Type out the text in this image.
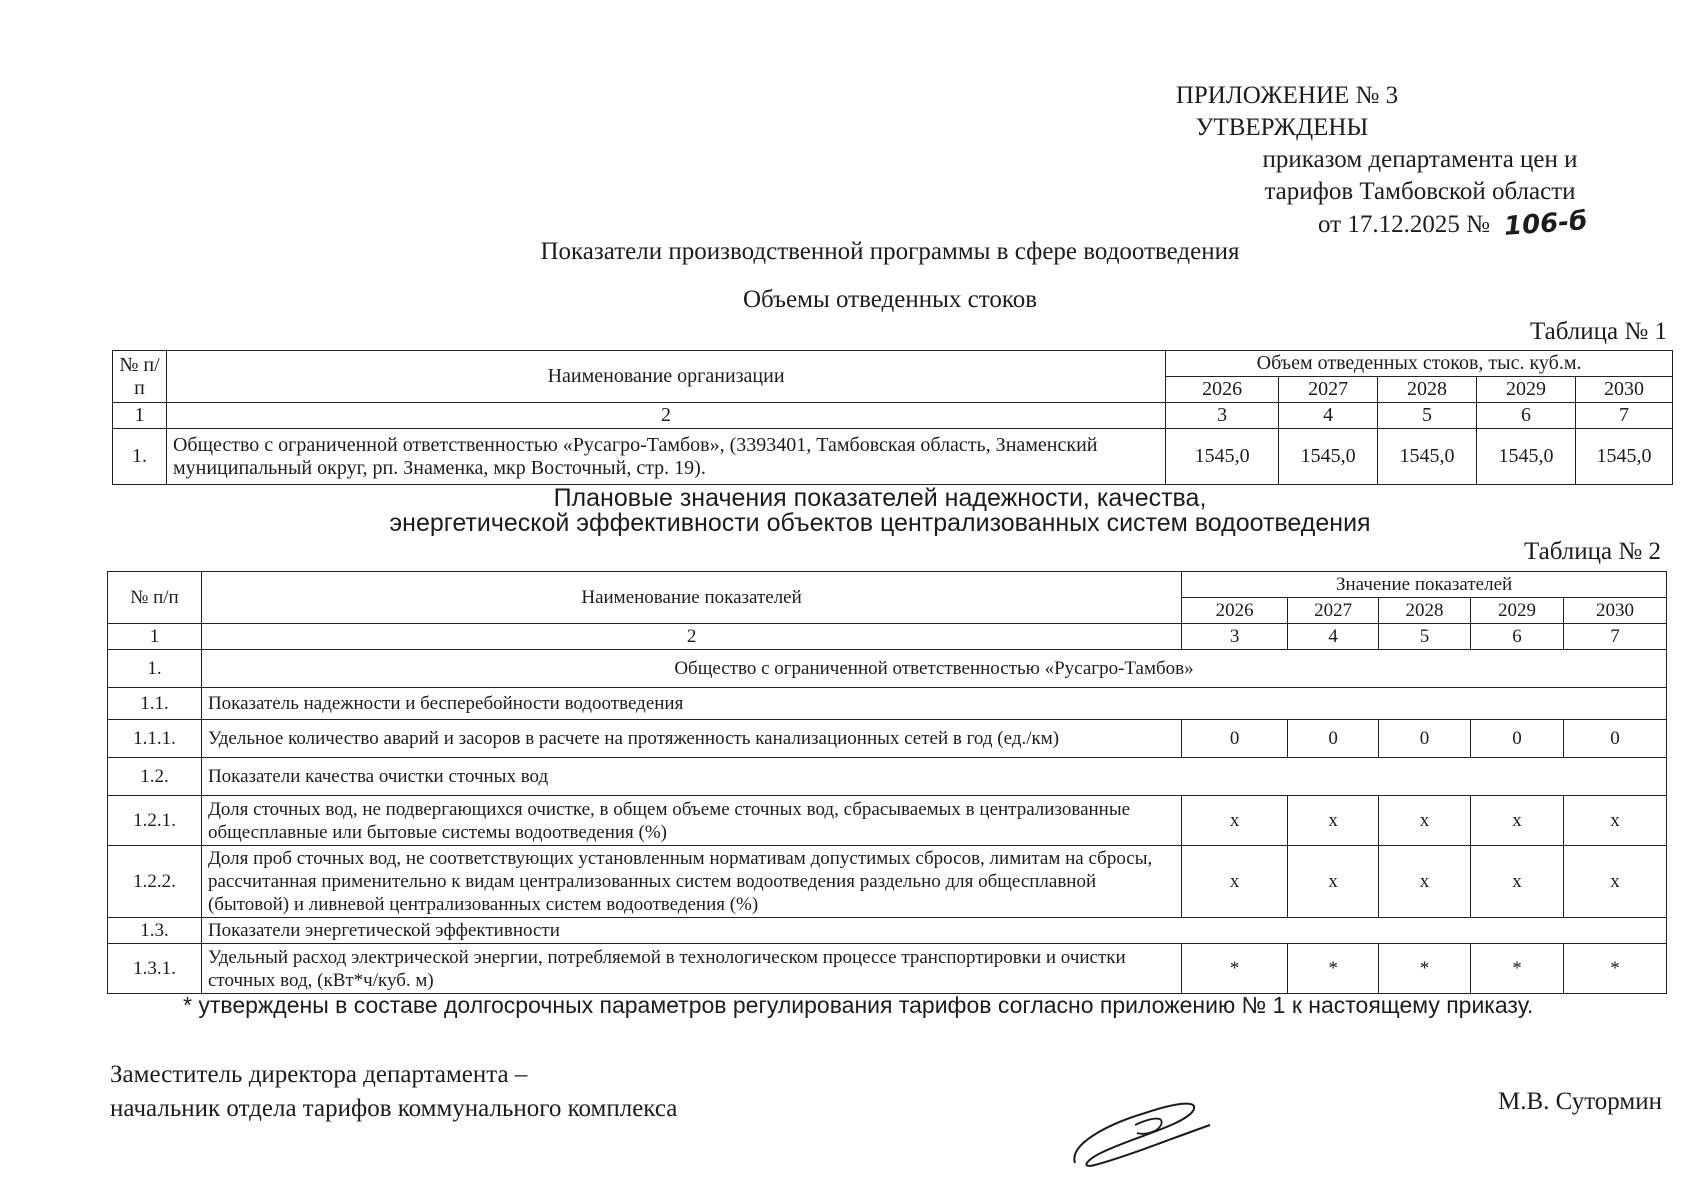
ПРИЛОЖЕНИЕ № 3
УТВЕРЖДЕНЫ
приказом департамента цен и
тарифов Тамбовской области
от 17.12.2025 № 106-б
Показатели производственной программы в сфере водоотведения
Объемы отведенных стоков
Таблица № 1
№ п/п	Наименование организации	Объем отведенных стоков, тыс. куб.м.				
		2026	2027	2028	2029	2030
1	2	3	4	5	6	7
1.	Общество с ограниченной ответственностью «Русагро-Тамбов», (3393401, Тамбовская область, Знаменский муниципальный округ, рп. Знаменка, мкр Восточный, стр. 19).	1545,0	1545,0	1545,0	1545,0	1545,0
Плановые значения показателей надежности, качества,
энергетической эффективности объектов централизованных систем водоотведения
Таблица № 2
№ п/п	Наименование показателей	Значение показателей				
		2026	2027	2028	2029	2030
1	2	3	4	5	6	7
1.	Общество с ограниченной ответственностью «Русагро-Тамбов»					
1.1.	Показатель надежности и бесперебойности водоотведения					
1.1.1.	Удельное количество аварий и засоров в расчете на протяженность канализационных сетей в год (ед./км)	0	0	0	0	0
1.2.	Показатели качества очистки сточных вод					
1.2.1.	Доля сточных вод, не подвергающихся очистке, в общем объеме сточных вод, сбрасываемых в централизованные общесплавные или бытовые системы водоотведения (%)	х	х	х	х	х
1.2.2.	Доля проб сточных вод, не соответствующих установленным нормативам допустимых сбросов, лимитам на сбросы, рассчитанная применительно к видам централизованных систем водоотведения раздельно для общесплавной (бытовой) и ливневой централизованных систем водоотведения (%)	х	х	х	х	х
1.3.	Показатели энергетической эффективности					
1.3.1.	Удельный расход электрической энергии, потребляемой в технологическом процессе транспортировки и очистки сточных вод, (кВт*ч/куб. м)	*	*	*	*	*
* утверждены в составе долгосрочных параметров регулирования тарифов согласно приложению № 1 к настоящему приказу.
Заместитель директора департамента –
начальник отдела тарифов коммунального комплекса	М.В. Сутормин
